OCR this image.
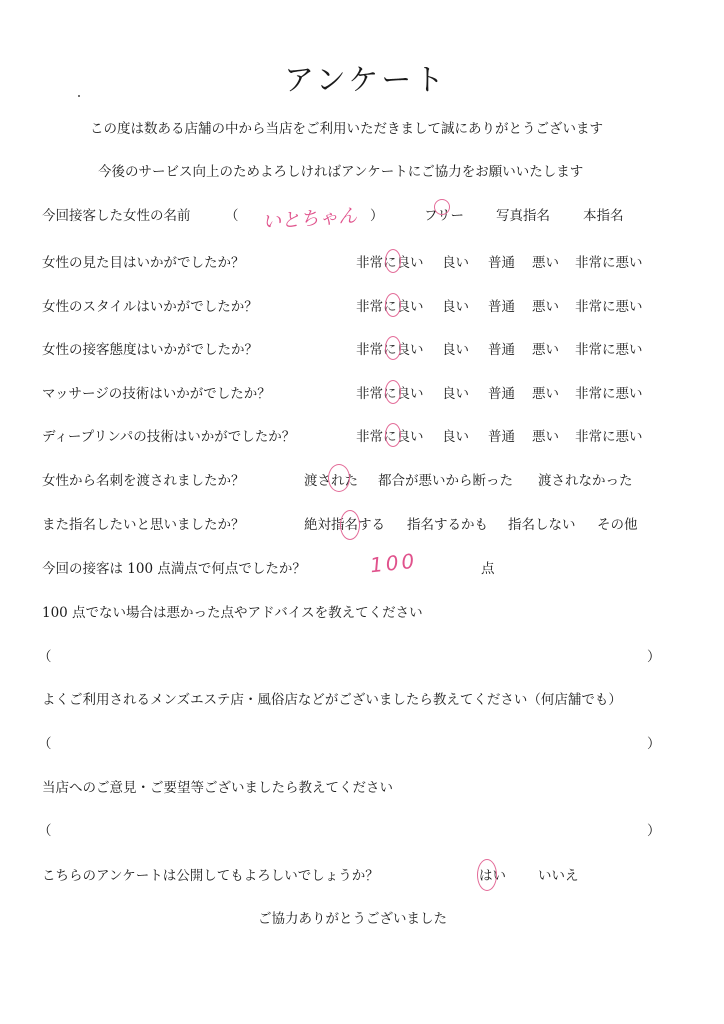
アンケート
この度は数ある店舗の中から当店をご利用いただきまして誠にありがとうございます
今後のサービス向上のためよろしければアンケートにご協力をお願いいたします
今回接客した女性の名前	（ いとちゃん ）	フリー 写真指名 本指名
女性の見た目はいかがでしたか？	非常に良い 良い 普通 悪い 非常に悪い
女性のスタイルはいかがでしたか？	非常に良い 良い 普通 悪い 非常に悪い
女性の接客態度はいかがでしたか？	非常に良い 良い 普通 悪い 非常に悪い
マッサージの技術はいかがでしたか？	非常に良い 良い 普通 悪い 非常に悪い
ディープリンパの技術はいかがでしたか？	非常に良い 良い 普通 悪い 非常に悪い
女性から名刺を渡されましたか？	渡された 都合が悪いから断った 渡されなかった
また指名したいと思いましたか？	絶対指名する 指名するかも 指名しない その他
今回の接客は 100 点満点で何点でしたか？	100	点
100 点でない場合は悪かった点やアドバイスを教えてください
（	）
よくご利用されるメンズエステ店・風俗店などがございましたら教えてください（何店舗でも）
（	）
当店へのご意見・ご要望等ございましたら教えてください
（	）
こちらのアンケートは公開してもよろしいでしょうか？	はい いいえ
ご協力ありがとうございました
